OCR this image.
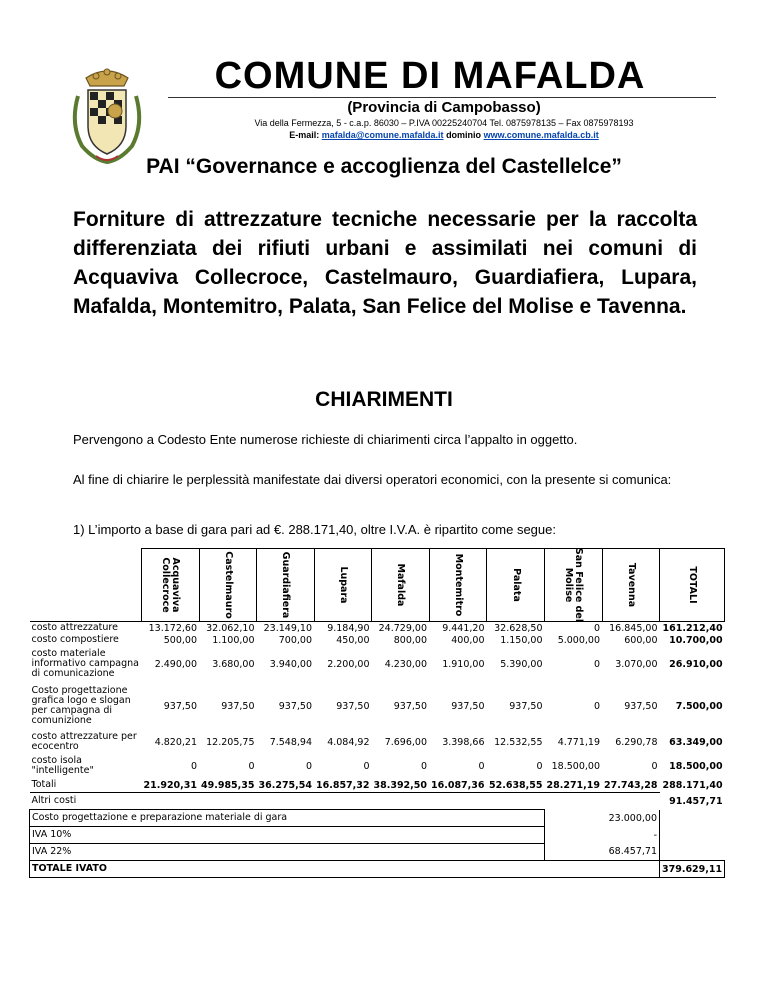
COMUNE DI MAFALDA
(Provincia di Campobasso)
Via della Fermezza, 5 - c.a.p. 86030 – P.IVA 00225240704 Tel. 0875978135 – Fax 0875978193
E-mail: mafalda@comune.mafalda.it dominio www.comune.mafalda.cb.it
PAI “Governance e accoglienza del Castellelce”
Forniture di attrezzature tecniche necessarie per la raccolta differenziata dei rifiuti urbani e assimilati nei comuni di Acquaviva Collecroce, Castelmauro, Guardiafiera, Lupara, Mafalda, Montemitro, Palata, San Felice del Molise e Tavenna.
CHIARIMENTI
Pervengono a Codesto Ente numerose richieste di chiarimenti circa l’appalto in oggetto.
Al fine di chiarire le perplessità manifestate dai diversi operatori economici, con la presente si comunica:
1) L’importo a base di gara pari ad €. 288.171,40, oltre I.V.A. è ripartito come segue:

	Acquaviva
Collecroce	Castelmauro	Guardiafiera	Lupara	Mafalda	Montemitro	Palata	San Felice del
Molise	Tavenna	TOTALI

costo attrezzature	13.172,60	32.062,10	23.149,10	9.184,90	24.729,00	9.441,20	32.628,50	0	16.845,00	161.212,40
costo compostiere	500,00	1.100,00	700,00	450,00	800,00	400,00	1.150,00	5.000,00	600,00	10.700,00
costo materiale
informativo campagna
di comunicazione	2.490,00	3.680,00	3.940,00	2.200,00	4.230,00	1.910,00	5.390,00	0	3.070,00	26.910,00
Costo progettazione
grafica logo e slogan
per campagna di
comunizione	937,50	937,50	937,50	937,50	937,50	937,50	937,50	0	937,50	7.500,00
costo attrezzature per
ecocentro	4.820,21	12.205,75	7.548,94	4.084,92	7.696,00	3.398,66	12.532,55	4.771,19	6.290,78	63.349,00
costo isola
"intelligente"	0	0	0	0	0	0	0	18.500,00	0	18.500,00
Totali	21.920,31	49.985,35	36.275,54	16.857,32	38.392,50	16.087,36	52.638,55	28.271,19	27.743,28	288.171,40
Altri costi										91.457,71
Costo progettazione e preparazione materiale di gara								23.000,00		
IVA 10%								-		
IVA 22%								68.457,71		
TOTALE IVATO										379.629,11
